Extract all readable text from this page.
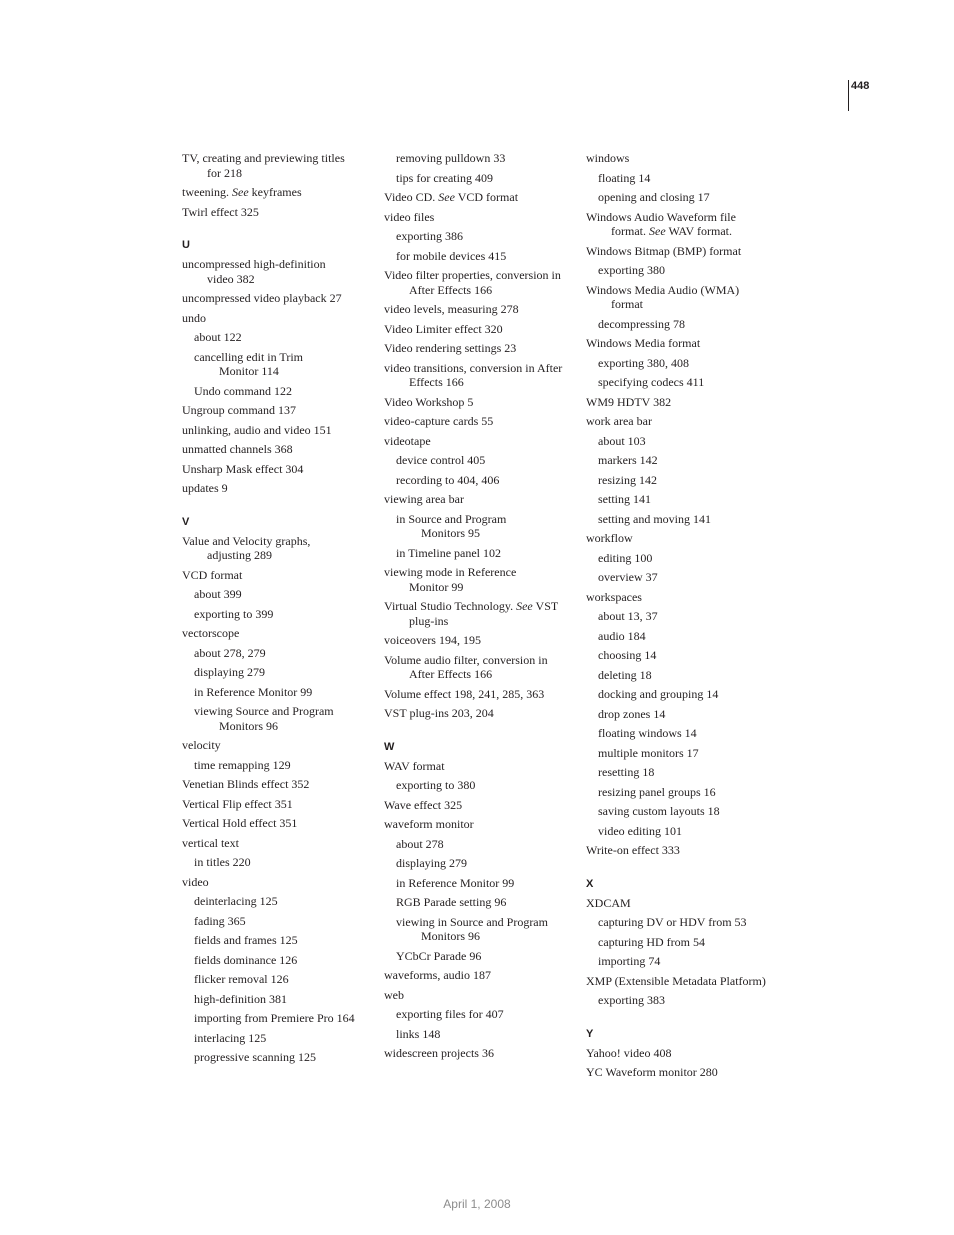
448
TV, creating and previewing titles
for 218
tweening. See keyframes
Twirl effect 325
U
uncompressed high-definition
video 382
uncompressed video playback 27
undo
about 122
cancelling edit in Trim
Monitor 114
Undo command 122
Ungroup command 137
unlinking, audio and video 151
unmatted channels 368
Unsharp Mask effect 304
updates 9
V
Value and Velocity graphs,
adjusting 289
VCD format
about 399
exporting to 399
vectorscope
about 278, 279
displaying 279
in Reference Monitor 99
viewing Source and Program
Monitors 96
velocity
time remapping 129
Venetian Blinds effect 352
Vertical Flip effect 351
Vertical Hold effect 351
vertical text
in titles 220
video
deinterlacing 125
fading 365
fields and frames 125
fields dominance 126
flicker removal 126
high-definition 381
importing from Premiere Pro 164
interlacing 125
progressive scanning 125
removing pulldown 33
tips for creating 409
Video CD. See VCD format
video files
exporting 386
for mobile devices 415
Video filter properties, conversion in
After Effects 166
video levels, measuring 278
Video Limiter effect 320
Video rendering settings 23
video transitions, conversion in After
Effects 166
Video Workshop 5
video-capture cards 55
videotape
device control 405
recording to 404, 406
viewing area bar
in Source and Program
Monitors 95
in Timeline panel 102
viewing mode in Reference
Monitor 99
Virtual Studio Technology. See VST
plug-ins
voiceovers 194, 195
Volume audio filter, conversion in
After Effects 166
Volume effect 198, 241, 285, 363
VST plug-ins 203, 204
W
WAV format
exporting to 380
Wave effect 325
waveform monitor
about 278
displaying 279
in Reference Monitor 99
RGB Parade setting 96
viewing in Source and Program
Monitors 96
YCbCr Parade 96
waveforms, audio 187
web
exporting files for 407
links 148
widescreen projects 36
windows
floating 14
opening and closing 17
Windows Audio Waveform file
format. See WAV format.
Windows Bitmap (BMP) format
exporting 380
Windows Media Audio (WMA)
format
decompressing 78
Windows Media format
exporting 380, 408
specifying codecs 411
WM9 HDTV 382
work area bar
about 103
markers 142
resizing 142
setting 141
setting and moving 141
workflow
editing 100
overview 37
workspaces
about 13, 37
audio 184
choosing 14
deleting 18
docking and grouping 14
drop zones 14
floating windows 14
multiple monitors 17
resetting 18
resizing panel groups 16
saving custom layouts 18
video editing 101
Write-on effect 333
X
XDCAM
capturing DV or HDV from 53
capturing HD from 54
importing 74
XMP (Extensible Metadata Platform)
exporting 383
Y
Yahoo! video 408
YC Waveform monitor 280
April 1, 2008
